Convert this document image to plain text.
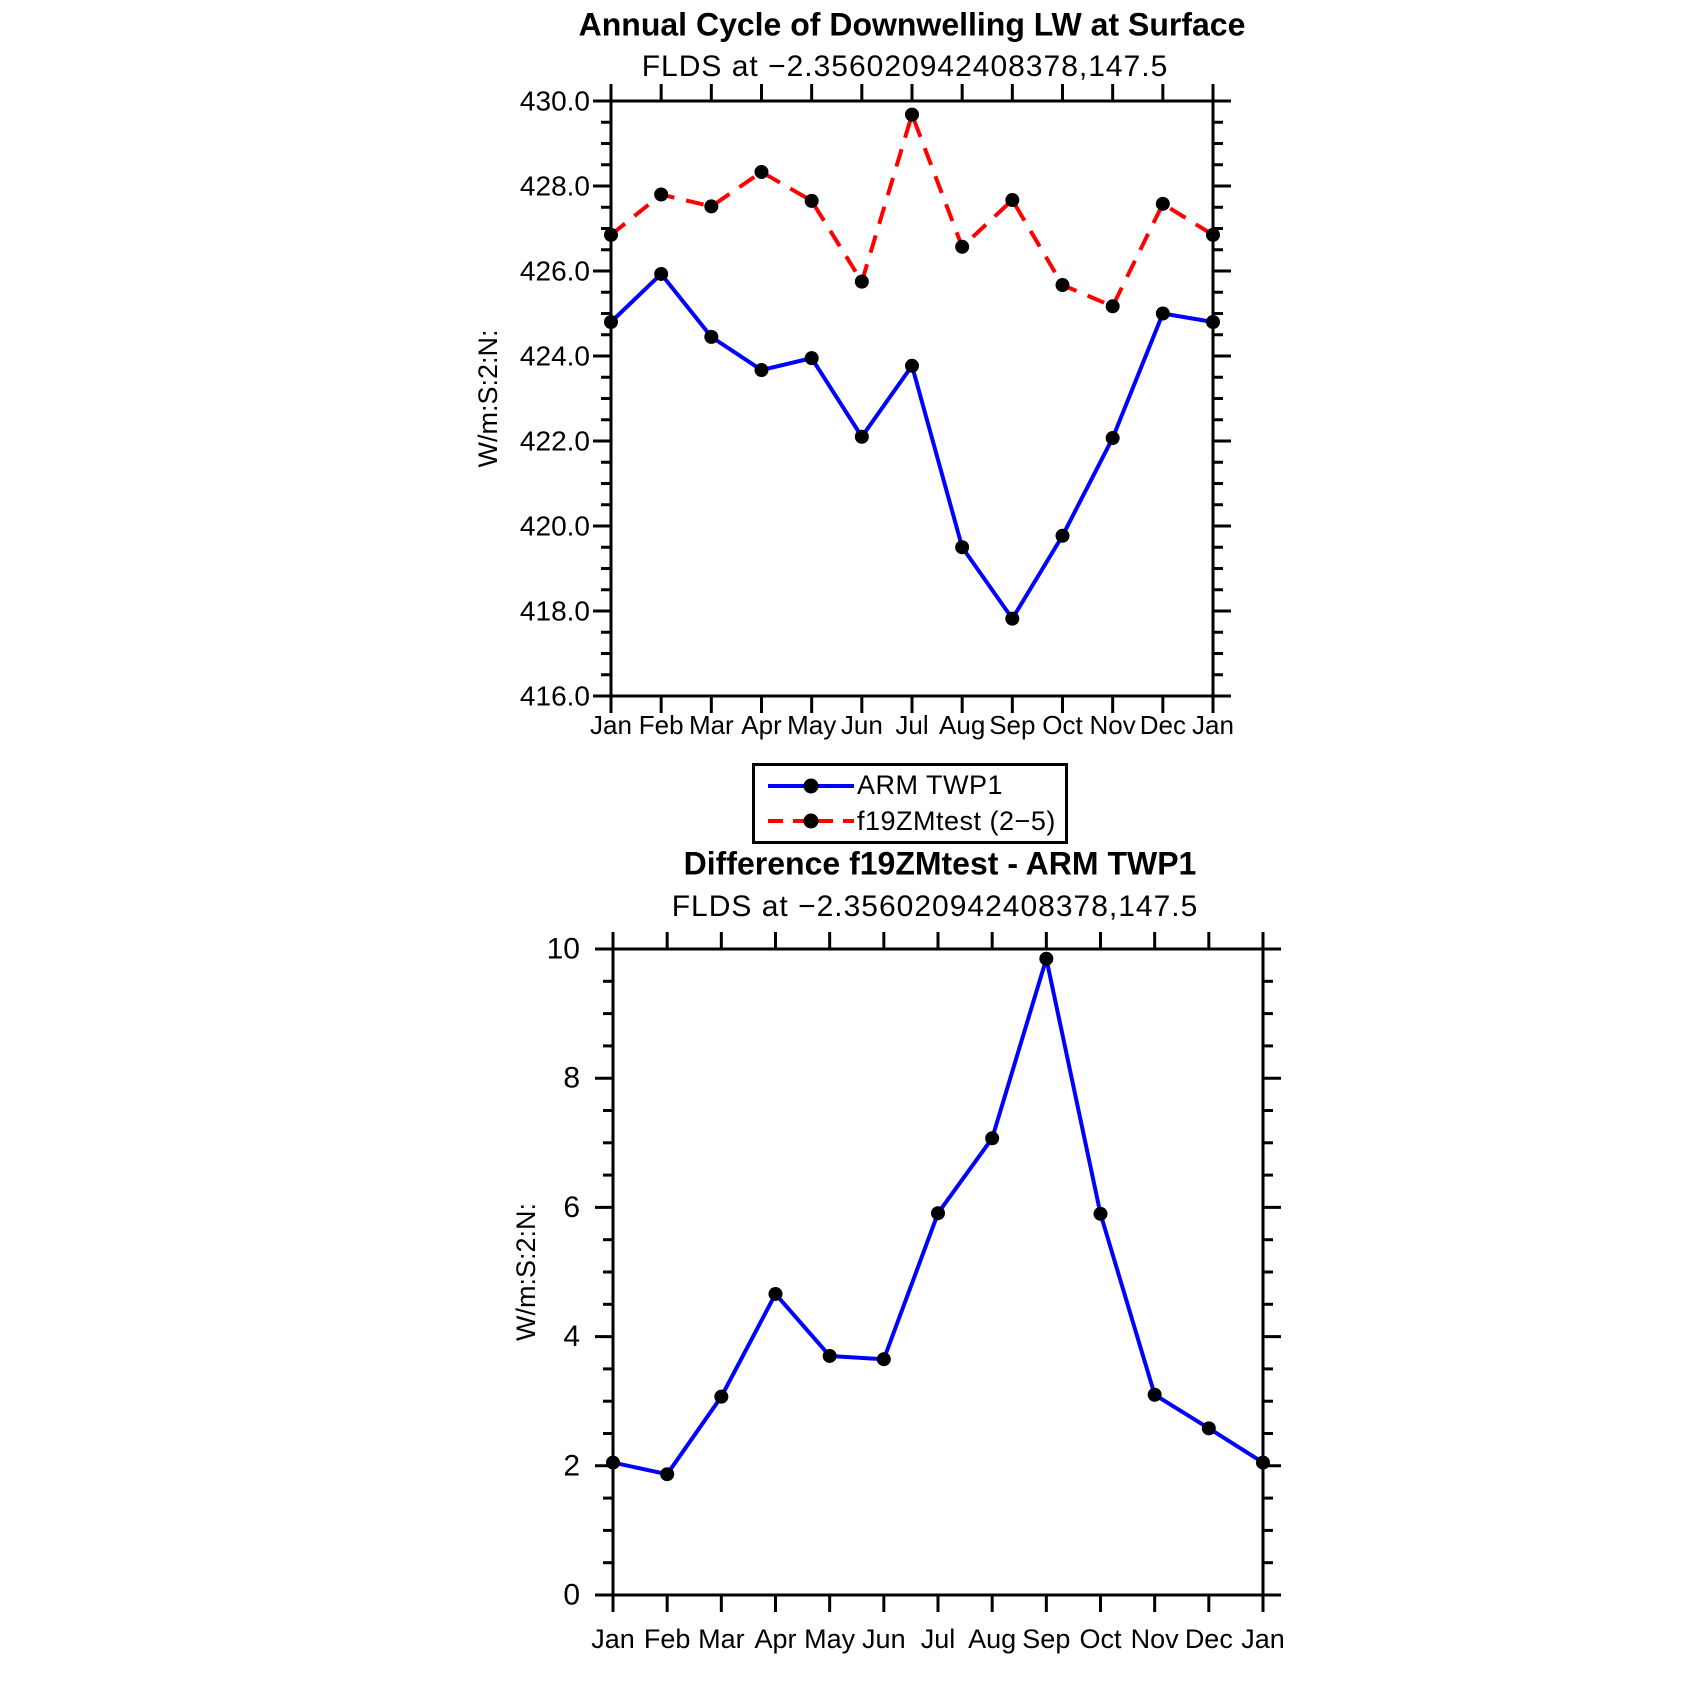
Jan Feb Mar Apr May Jun Jul Aug Sep Oct Nov Dec Jan
430.0
428.0
426.0
424.0
422.0
420.0
418.0
416.0
W/m:S:2:N:
Jan Feb Mar Apr May Jun Jul Aug Sep Oct Nov Dec Jan
10
8
6
4
2
0
W/m:S:2:N:
Annual Cycle of Downwelling LW at Surface
FLDS at −2.356020942408378,147.5
ARM TWP1
f19ZMtest (2−5)
Difference f19ZMtest - ARM TWP1
FLDS at −2.356020942408378,147.5
